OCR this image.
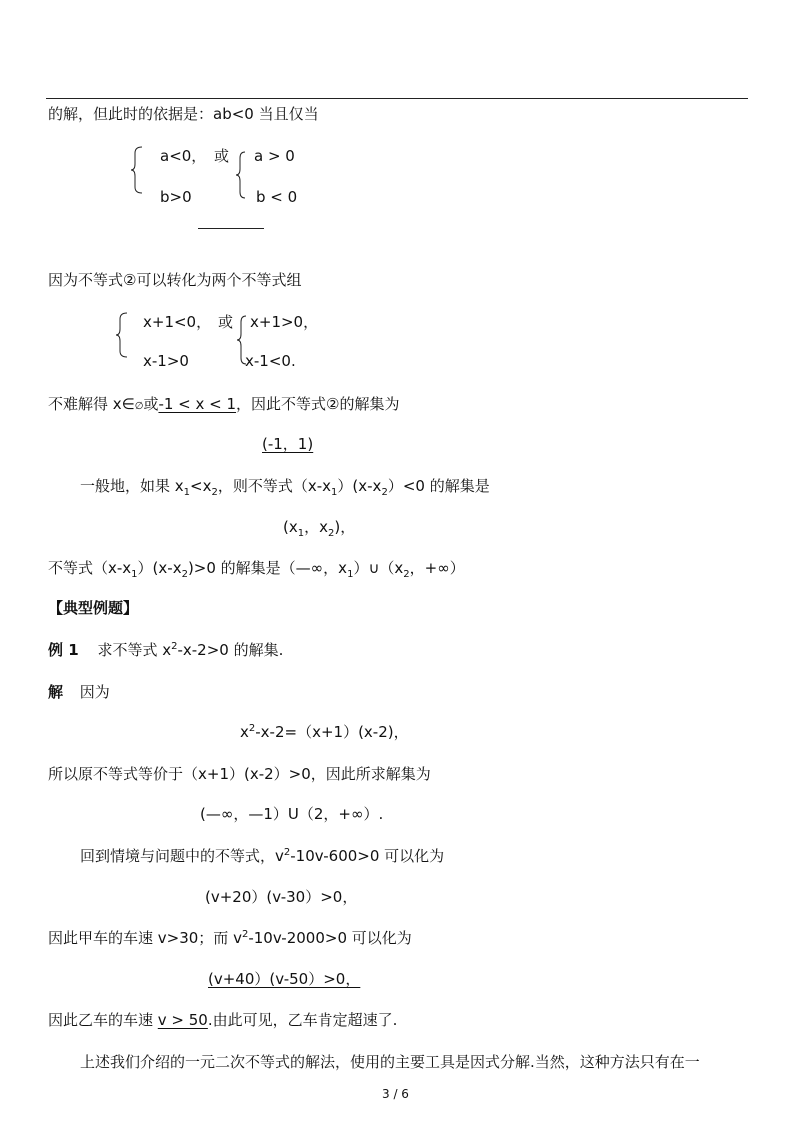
的解，但此时的依据是：ab<0 当且仅当
a<0， 或 a > 0
b>0	b < 0
因为不等式②可以转化为两个不等式组
x+1<0， 或 x+1>0，
x-1>0	x-1<0.
不难解得 x∈∅或-1 < x < 1，因此不等式②的解集为
(-1，1)
一般地，如果 $x_1<x_2$，则不等式$(x-x_1)(x-x_2)<0$ 的解集是
($x_1$，$x_2$)，
不等式$(x-x_1)(x-x_2)>0$ 的解集是（—∞，$x_1)\cup(x_2$，+∞）
【典型例题】
例 1 求不等式 $x^2-x-2>0$ 的解集.
解 因为
$x^2-x-2=(x+1)(x-2)$，
所以原不等式等价于（x+1）(x-2）>0，因此所求解集为
(—∞，—1）U（2，+∞）.
回到情境与问题中的不等式，$v^2-10v-600>0$ 可以化为
(v+20）(v-30）>0，
因此甲车的车速 v>30；而 $v^2-10v-2000>0$ 可以化为
(v+40）(v-50）>0，
因此乙车的车速 v > 50.由此可见，乙车肯定超速了.
上述我们介绍的一元二次不等式的解法，使用的主要工具是因式分解.当然，这种方法只有在一
3 / 6
